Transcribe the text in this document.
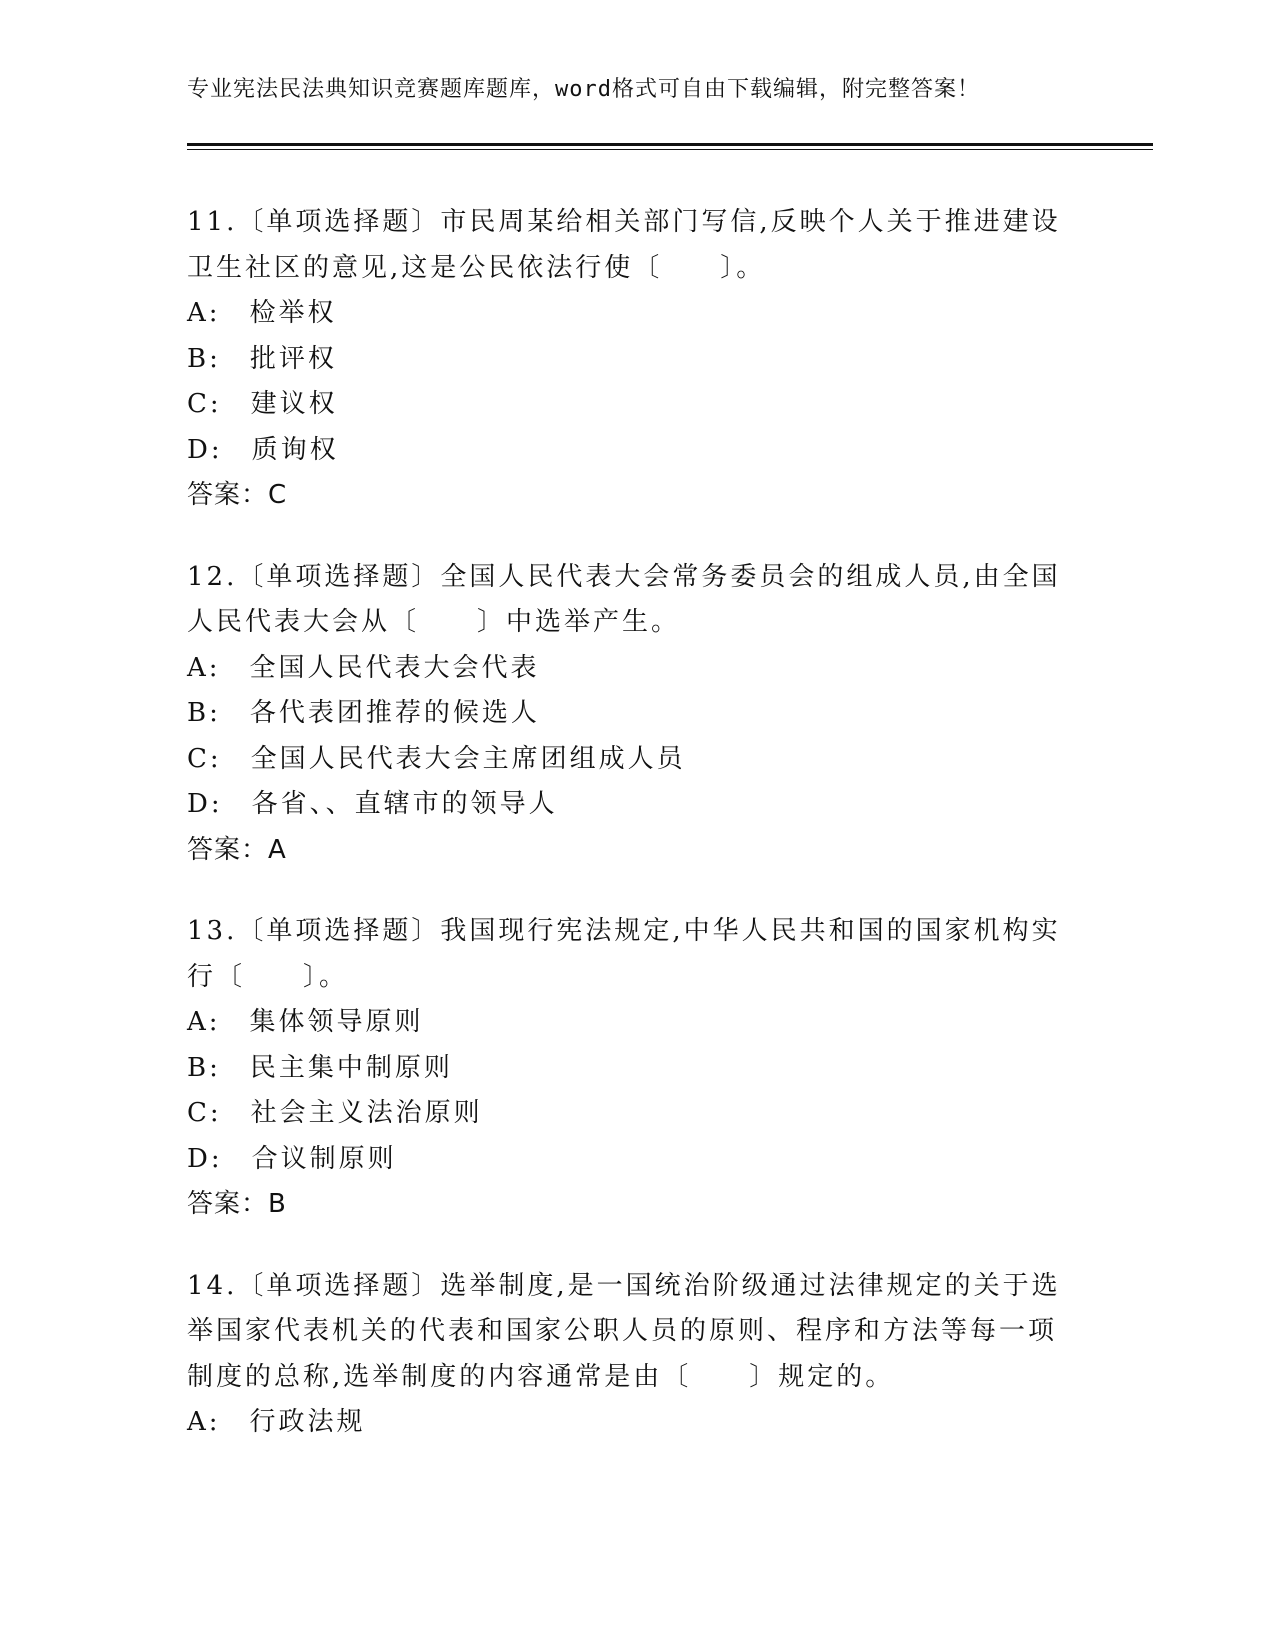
专业宪法民法典知识竞赛题库题库，word格式可自由下载编辑，附完整答案！
11.〔单项选择题〕市民周某给相关部门写信,反映个人关于推进建设
卫生社区的意见,这是公民依法行使〔　　〕。
A:　检举权
B:　批评权
C:　建议权
D:　质询权
答案：C
12.〔单项选择题〕全国人民代表大会常务委员会的组成人员,由全国
人民代表大会从〔　　〕中选举产生。
A:　全国人民代表大会代表
B:　各代表团推荐的候选人
C:　全国人民代表大会主席团组成人员
D:　各省、、直辖市的领导人
答案：A
13.〔单项选择题〕我国现行宪法规定,中华人民共和国的国家机构实
行〔　　〕。
A:　集体领导原则
B:　民主集中制原则
C:　社会主义法治原则
D:　合议制原则
答案：B
14.〔单项选择题〕选举制度,是一国统治阶级通过法律规定的关于选
举国家代表机关的代表和国家公职人员的原则、程序和方法等每一项
制度的总称,选举制度的内容通常是由〔　　〕规定的。
A:　行政法规
